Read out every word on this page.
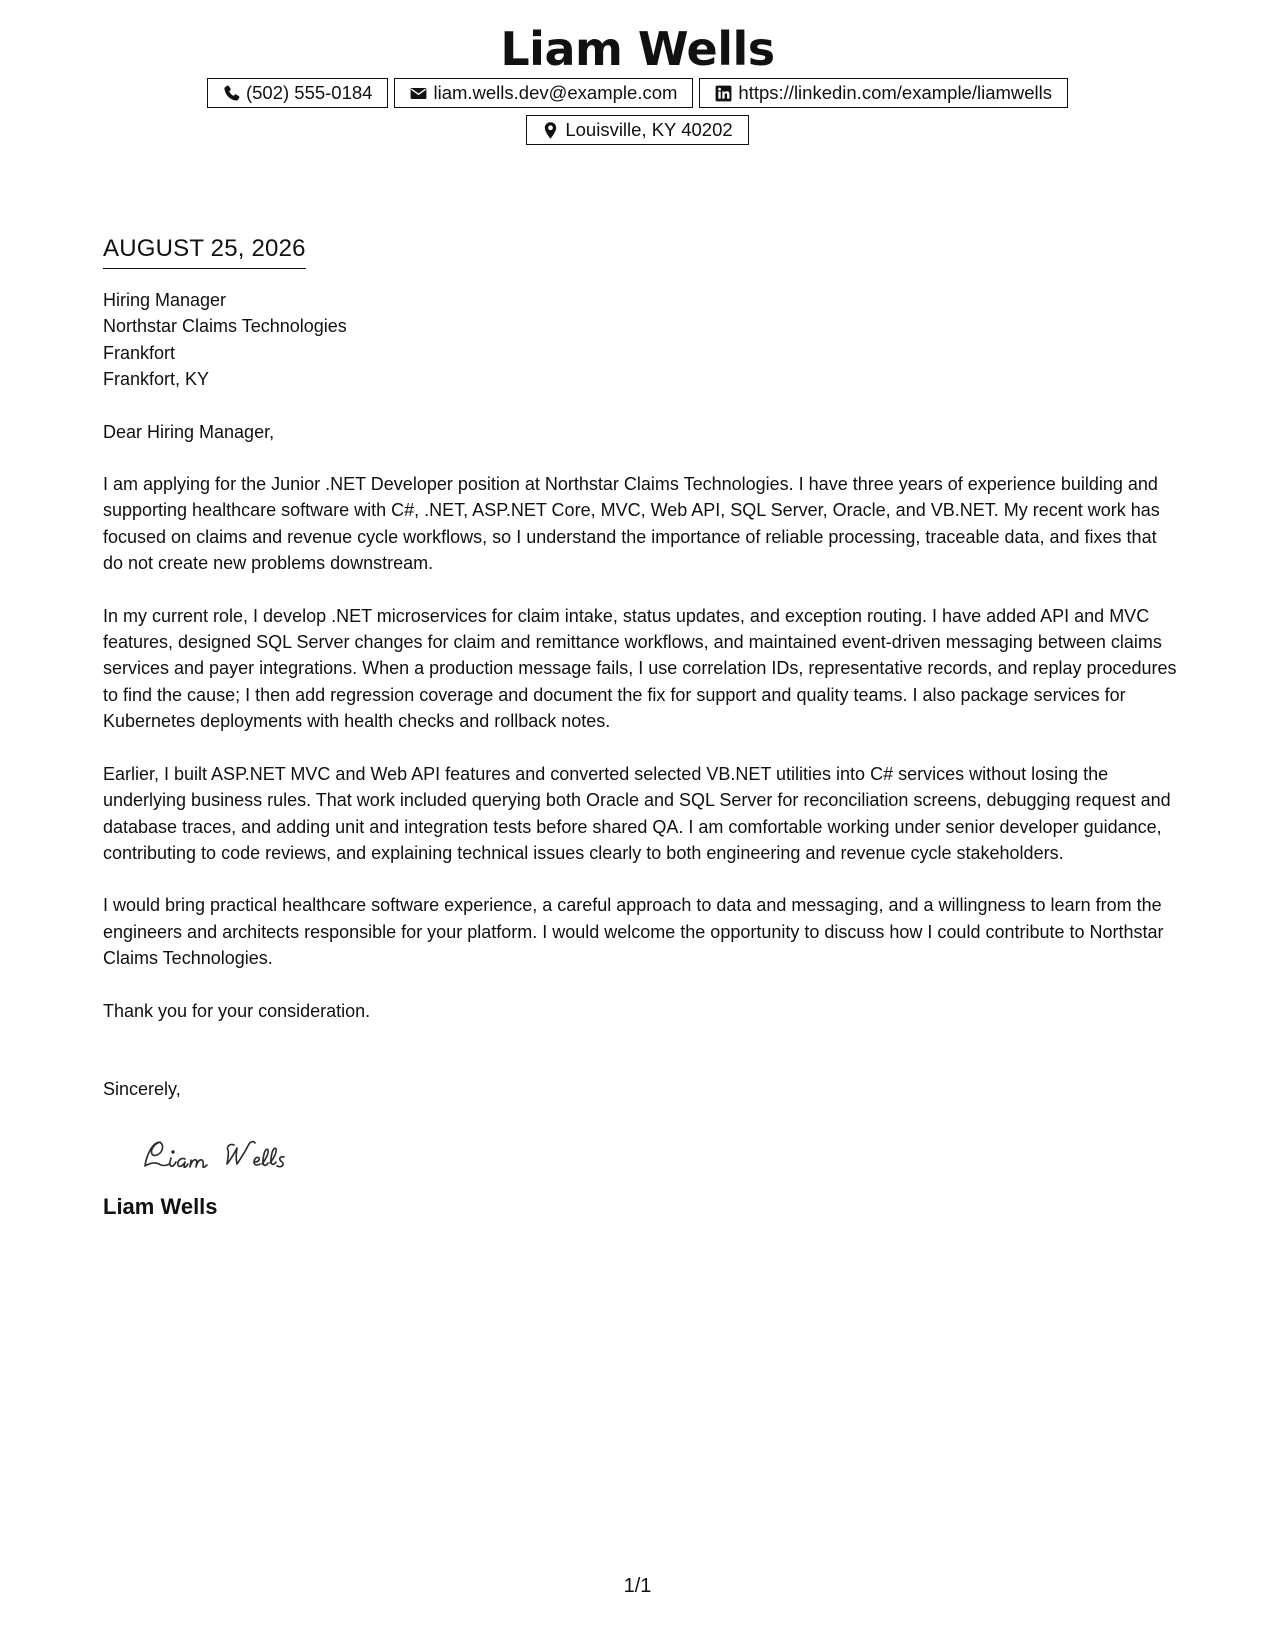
Liam Wells
(502) 555-0184	liam.wells.dev@example.com	https://linkedin.com/example/liamwells
Louisville, KY 40202
AUGUST 25, 2026
Hiring Manager
Northstar Claims Technologies
Frankfort
Frankfort, KY
Dear Hiring Manager,
I am applying for the Junior .NET Developer position at Northstar Claims Technologies. I have three years of experience building and supporting healthcare software with C#, .NET, ASP.NET Core, MVC, Web API, SQL Server, Oracle, and VB.NET. My recent work has focused on claims and revenue cycle workflows, so I understand the importance of reliable processing, traceable data, and fixes that do not create new problems downstream.
In my current role, I develop .NET microservices for claim intake, status updates, and exception routing. I have added API and MVC features, designed SQL Server changes for claim and remittance workflows, and maintained event-driven messaging between claims services and payer integrations. When a production message fails, I use correlation IDs, representative records, and replay procedures to find the cause; I then add regression coverage and document the fix for support and quality teams. I also package services for Kubernetes deployments with health checks and rollback notes.
Earlier, I built ASP.NET MVC and Web API features and converted selected VB.NET utilities into C# services without losing the underlying business rules. That work included querying both Oracle and SQL Server for reconciliation screens, debugging request and database traces, and adding unit and integration tests before shared QA. I am comfortable working under senior developer guidance, contributing to code reviews, and explaining technical issues clearly to both engineering and revenue cycle stakeholders.
I would bring practical healthcare software experience, a careful approach to data and messaging, and a willingness to learn from the engineers and architects responsible for your platform. I would welcome the opportunity to discuss how I could contribute to Northstar Claims Technologies.
Thank you for your consideration.
Sincerely,
Liam Wells
1/1
